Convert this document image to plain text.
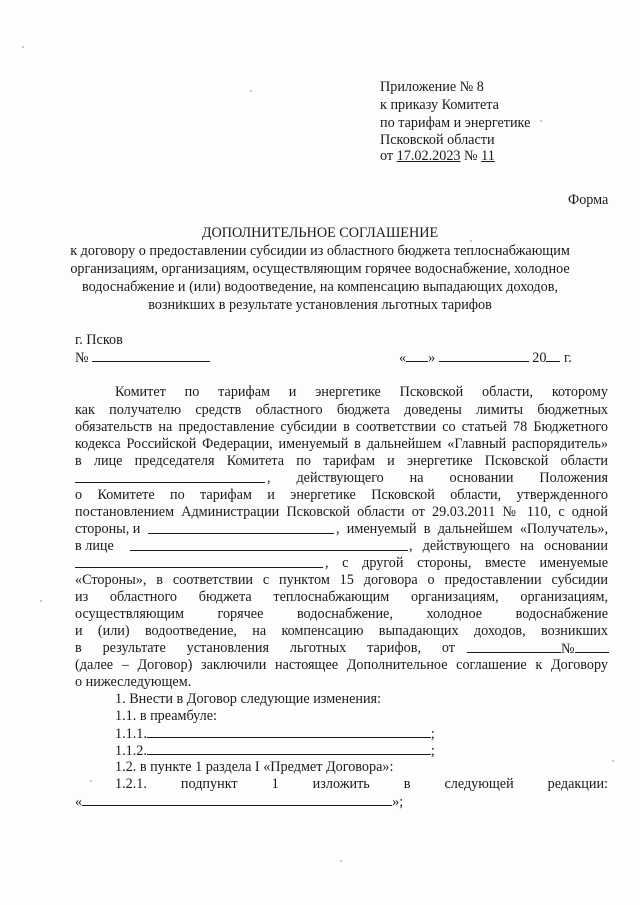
Приложение № 8
к приказу Комитета
по тарифам и энергетике
Псковской области
от 17.02.2023 № 11
Форма
ДОПОЛНИТЕЛЬНОЕ СОГЛАШЕНИЕ
к договору о предоставлении субсидии из областного бюджета теплоснабжающим
организациям, организациям, осуществляющим горячее водоснабжение, холодное
водоснабжение и (или) водоотведение, на компенсацию выпадающих доходов,
возникших в результате установления льготных тарифов
г. Псков
№	« »	20 г.
Комитет по тарифам и энергетике Псковской области, которому
как получателю средств областного бюджета доведены лимиты бюджетных
обязательств на предоставление субсидии в соответствии со статьей 78 Бюджетного
кодекса Российской Федерации, именуемый в дальнейшем «Главный распорядитель»
в лице председателя Комитета по тарифам и энергетике Псковской области
, действующего на основании Положения
о Комитете по тарифам и энергетике Псковской области, утвержденного
постановлением Администрации Псковской области от 29.03.2011 № 110, с одной
стороны, и	, именуемый в дальнейшем «Получатель»,
в лице	, действующего на основании
, с другой стороны, вместе именуемые
«Стороны», в соответствии с пунктом 15 договора о предоставлении субсидии
из областного бюджета теплоснабжающим организациям, организациям,
осуществляющим горячее водоснабжение, холодное водоснабжение
и (или) водоотведение, на компенсацию выпадающих доходов, возникших
в результате установления льготных тарифов, от	№
(далее – Договор) заключили настоящее Дополнительное соглашение к Договору
о нижеследующем.
1. Внести в Договор следующие изменения:
1.1. в преамбуле:
1.1.1.	;
1.1.2.	;
1.2. в пункте 1 раздела I «Предмет Договора»:
1.2.1. подпункт 1 изложить в следующей редакции:
«	»;
